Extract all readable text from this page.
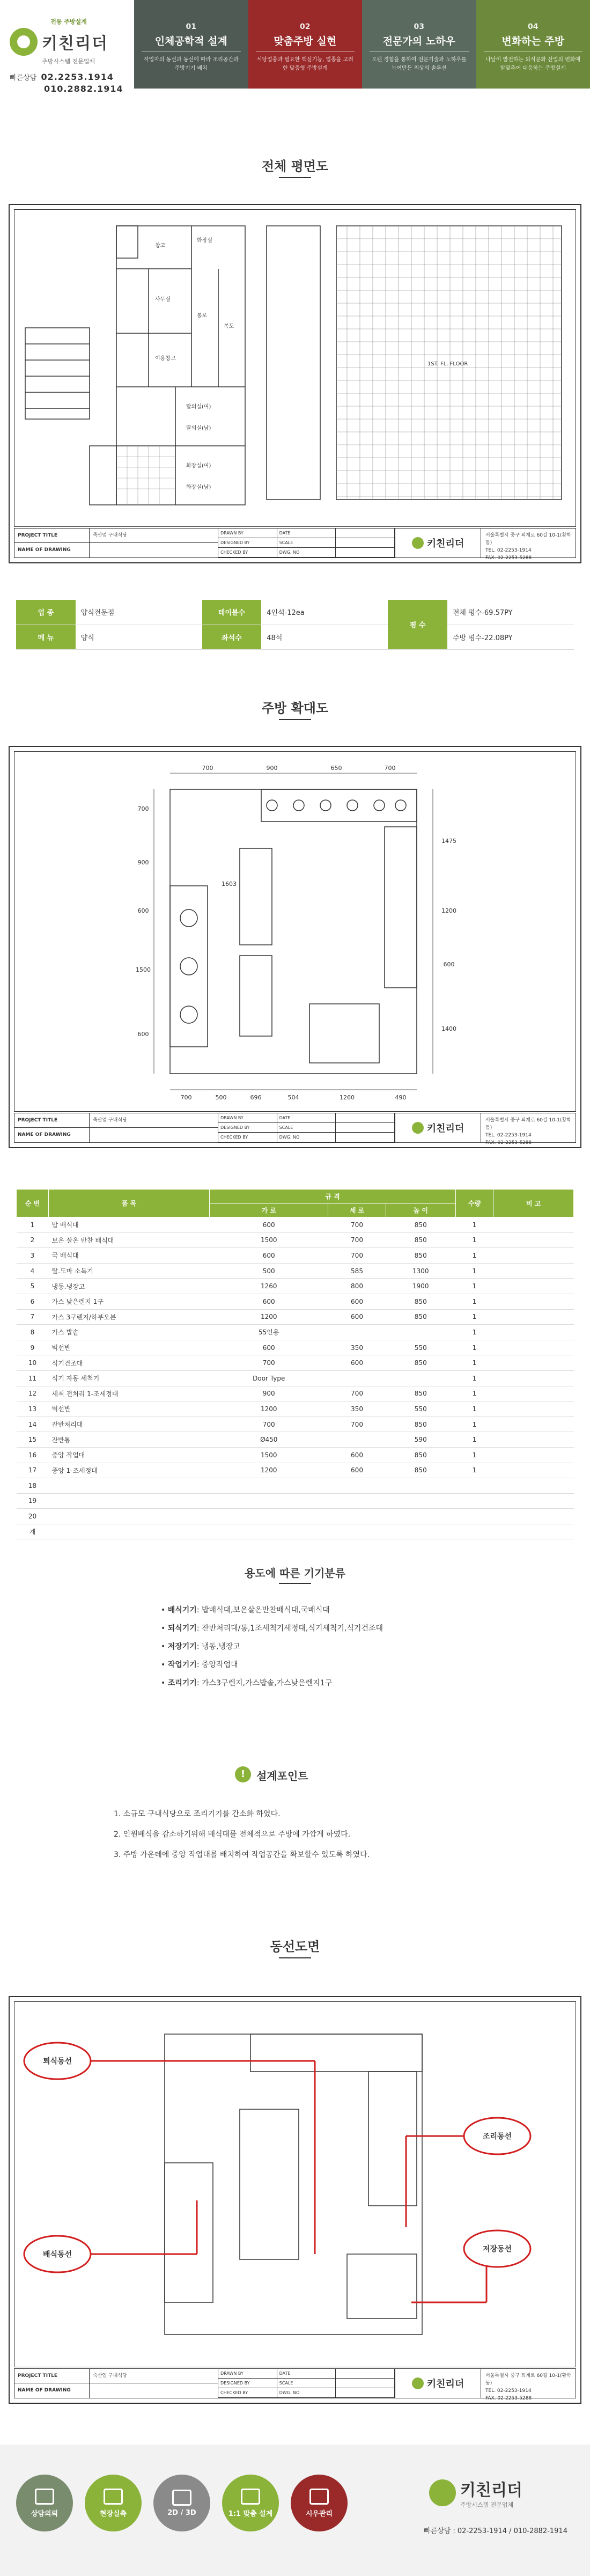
전통 주방설계
키친리더
주방시스템 전문업체
빠른상담 02.2253.1914
010.2882.1914
01
인체공학적 설계
작업자의 동선과 동선에 따라 조리공간과 주방기기 배치
02
맞춤주방 실현
식당업종과 필요한 핵심기능, 업종을 고려한 맞춤형 주방설계
03
전문가의 노하우
오랜 경험을 통하여 전문기술과 노하우를 녹여만든 최상의 솔루션
04
변화하는 주방
나날이 발전하는 외식문화 산업의 변화에 발맞추어 대응하는 주방설계
전체 평면도
창고
화장실
사무실
이용창고
통로
복도
탈의실(여)
탈의실(남)
화장실(여)
화장실(남)
1ST. FL. FLOOR
PROJECT TITLE
NAME OF DRAWING
죽산업 구내식당	DRAWN BY	DATE
DESIGNED BY	SCALE
CHECKED BY	DWG. NO
키친리더
서울특별시 중구 퇴계로 60길 10-1(황학동)
TEL. 02-2253-1914
FAX. 02-2253-5288
업 종	양식전문점	테이블수	4인석-12ea	평 수	전체 평수-69.57PY
메 뉴	양식	좌석수	48석		주방 평수-22.08PY
주방 확대도
700	900	650	700
700	500	696	504	1260	490
700
900
600
1500
600
1475
1200
600
1400
1603
PROJECT TITLE
NAME OF DRAWING
죽산업 구내식당	DRAWN BY	DATE
DESIGNED BY	SCALE
CHECKED BY	DWG. NO
키친리더
서울특별시 중구 퇴계로 60길 10-1(황학동)
TEL. 02-2253-1914
FAX. 02-2253-5288
순 번	품 목	규 격			수량	비 고
		가 로	세 로	높 이		
1	밥 배식대	600	700	850	1	
2	보온 살온 반찬 배식대	1500	700	850	1	
3	국 배식대	600	700	850	1	
4	탈.도마 소독기	500	585	1300	1	
5	냉동.냉장고	1260	800	1900	1	
6	가스 낮은렌지 1구	600	600	850	1	
7	가스 3구렌지/하부오븐	1200	600	850	1	
8	가스 밥솥	55인용			1	
9	벽선반	600	350	550	1	
10	식기건조대	700	600	850	1	
11	식기 자동 세척기	Door Type			1	
12	세척 전처리 1-조세정대	900	700	850	1	
13	벽선반	1200	350	550	1	
14	잔반처리대	700	700	850	1	
15	잔반통	Ø450		590	1	
16	중앙 작업대	1500	600	850	1	
17	중앙 1-조세정대	1200	600	850	1	
18						
19						
20						
계						
용도에 따른 기기분류
• 배식기기: 밥배식대,보온살온반찬배식대,국배식대
• 되식기기: 잔반처리대/통,1조세척기세정대,식기세척기,식기건조대
• 저장기기: 냉동,냉장고
• 작업기기: 중앙작업대
• 조리기기: 가스3구렌지,가스밥솥,가스낮은렌지1구
!	설계포인트
1. 소규모 구내식당으로 조리기기를 간소화 하였다.
2. 인원배식을 감소하기위해 배식대를 전체적으로 주방에 가깝게 하였다.
3. 주방 가운데에 중앙 작업대를 배치하여 작업공간을 확보할수 있도록 하였다.
동선도면
퇴식동선
조리동선
배식동선
저장동선
PROJECT TITLE
NAME OF DRAWING
죽산업 구내식당	DRAWN BY	DATE
DESIGNED BY	SCALE
CHECKED BY	DWG. NO
키친리더
서울특별시 중구 퇴계로 60길 10-1(황학동)
TEL. 02-2253-1914
FAX. 02-2253-5288
상담의뢰	현장실측	2D / 3D	1:1 맞춤 설계	시우관리
키친리더
주방시스템 전문업체
빠른상담 : 02-2253-1914 / 010-2882-1914
